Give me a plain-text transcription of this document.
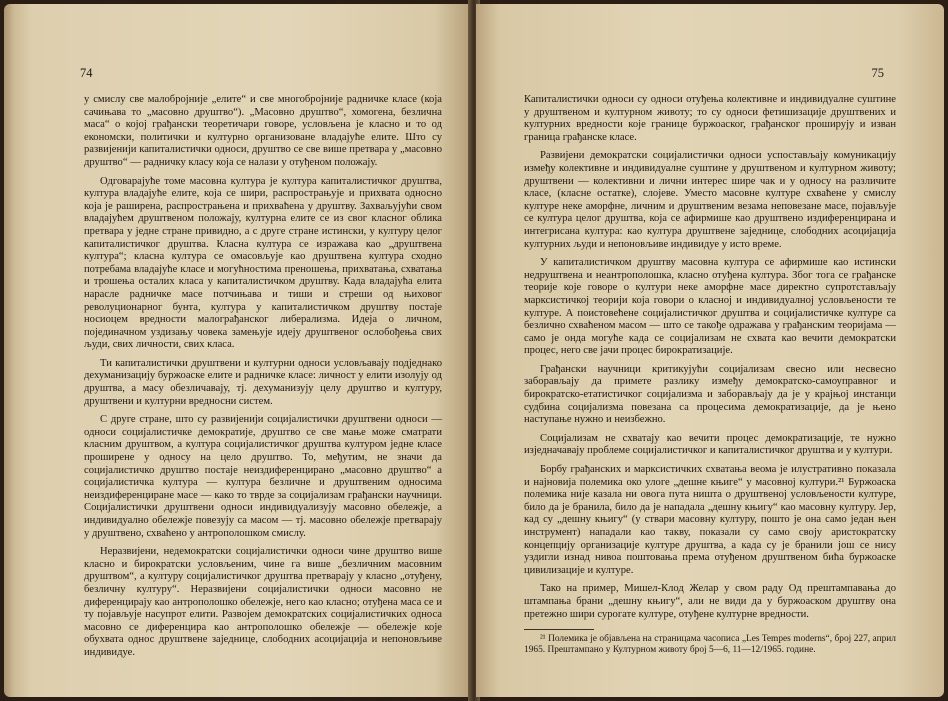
74

у смислу све малобројније „елите“ и све многобројније радничке класе (која сачињава то „масовно друштво“). „Масовно друштво“, хомогена, безлична маса“ о којој грађански теоретичари говоре, условљена је класно и то од економски, политички и културно организоване владајуће елите. Што су развијенији капиталистички односи, друштво се све више претвара у „масовно друштво“ — радничку класу која се налази у отуђеном положају.

Одговарајуће томе масовна култура је култура капиталистичког друштва, култура владајуће елите, која се шири, распрострањује и прихвата односно која је раширена, распрострањена и прихваћена у друштву. Захваљујући свом владајућем друштвеном положају, културна елите се из свог класног облика претвара у једне стране привидно, а с друге стране истински, у културу целог капиталистичког друштва. Класна култура се изражава као „друштвена култура“; класна култура се омасовљује као друштвена култура сходно потребама владајуће класе и могућностима преношења, прихватања, схватања и трошења осталих класа у капиталистичком друштву. Када владајућа елита нарасле радничке масе потчињава и тиши и стреши од њиховог револуционарног бунта, култура у капиталистичком друштву постаје носиоцем вредности малограђанског либерализма. Идеја о личном, појединачном уздизању човека замењује идеју друштвеног ослобођења свих људи, свих личности, свих класа.

Ти капиталистички друштвени и културни односи условљавају подједнако дехуманизацију буржоаске елите и радничке класе: личност у елити изолују од друштва, а масу обезличавају, тј. дехуманизују целу друштво и културу, друштвени и културни вредносни систем.

С друге стране, што су развијенији социјалистички друштвени односи — односи социјалистичке демократије, друштво се све мање може сматрати класним друштвом, а култура социјалистичког друштва културом једне класе проширене у односу на цело друштво. То, међутим, не значи да социјалистичко друштво постаје неиздиференцирано „масовно друштво“ а социјалистичка култура — култура безличне и друштвеним односима неиздиференциране масе — како то тврде за социјализам грађански научници. Социјалистички друштвени односи индивидуализују масовно обележје, а индивидуално обележје повезују са масом — тј. масовно обележје претварају у друштвено, схваћено у антрополошком смислу.

Неразвијени, недемократски социјалистички односи чине друштво више класно и бирократски условљеним, чине га више „безличним масовним друштвом“, а културу социјалистичког друштва претварају у класно „отуђену, безличну културу“. Неразвијени социјалистички односи масовно не диференцирају као антрополошко обележје, него као класно; отуђена маса се и ту појављује насупрот елити. Развојем демократских социјалистичких односа масовно се диференцира као антрополошко обележје — обележје које обухвата однос друштвене заједнице, слободних асоцијација и непоновљиве индивидуе.

75

Капиталистички односи су односи отуђења колективне и индивидуалне суштине у друштвеном и културном животу; то су односи фетишизације друштвених и културних вредности које границе буржоаског, грађанског проширују и изван граница грађанске класе.

Развијени демократски социјалистички односи успостављају комуникацију између колективне и индивидуалне суштине у друштвеном и културном животу; друштвени — колективни и лични интерес шире чак и у односу на различите класе, (класне остатке), слојеве. Уместо масовне културе схваћене у смислу културе неке аморфне, личним и друштвеним везама неповезане масе, појављује се култура целог друштва, која се афирмише као друштвено издиференцирана и интегрисана култура: као култура друштвене заједнице, слободних асоцијација културних људи и непоновљиве индивидуе у исто време.

У капиталистичком друштву масовна култура се афирмише као истински недруштвена и неантрополошка, класно отуђена култура. Због тога се грађанске теорије које говоре о култури неке аморфне масе директно супротстављају марксистичкој теорији која говори о класној и индивидуалној условљености те културе. А поистовећене социјалистичког друштва и социјалистичке културе са безлично схваћеном масом — што се такође одражава у грађанским теоријама — само је онда могуће када се социјализам не схвата као вечити демократски процес, него све јачи процес бирократизације.

Грађански научници критикујући социјализам свесно или несвесно заборављају да примете разлику између демократско-самоуправног и бирократско-етатистичког социјализма и заборављају да је у крајњој инстанци судбина социјализма повезана са процесима демократизације, да је њено наступање нужно и неизбежно.

Социјализам не схватају као вечити процес демократизације, те нужно изједначавају проблеме социјалистичког и капиталистичког друштва и у култури.

Борбу грађанских и марксистичких схватања веома је илустративно показала и најновија полемика око улоге „дешне књиге“ у масовној култури.²¹ Буржоаска полемика није казала ни овога пута ништа о друштвеној условљености културе, било да је бранила, било да је нападала „дешну књигу“ као масовну културу. Јер, кад су „дешну књигу“ (у ствари масовну културу, пошто је она само један њен инструмент) нападали као такву, показали су само своју аристократску концепцију организације културе друштва, а када су је бранили још се нису уздигли изнад нивоа поштовања према отуђеном друштвеном бића буржоаске цивилизације и културе.

Тако на пример, Мишел-Клод Желар у свом раду Од прештампавања до штампања брани „дешну књигу“, али не види да у буржоаском друштву она претежно шири сурогате културе, отуђене културне вредности.

²¹ Полемика је објављена на страницама часописа „Les Tempes moderns“, број 227, април 1965. Прештампано у Културном животу број 5—6, 11—12/1965. године.
